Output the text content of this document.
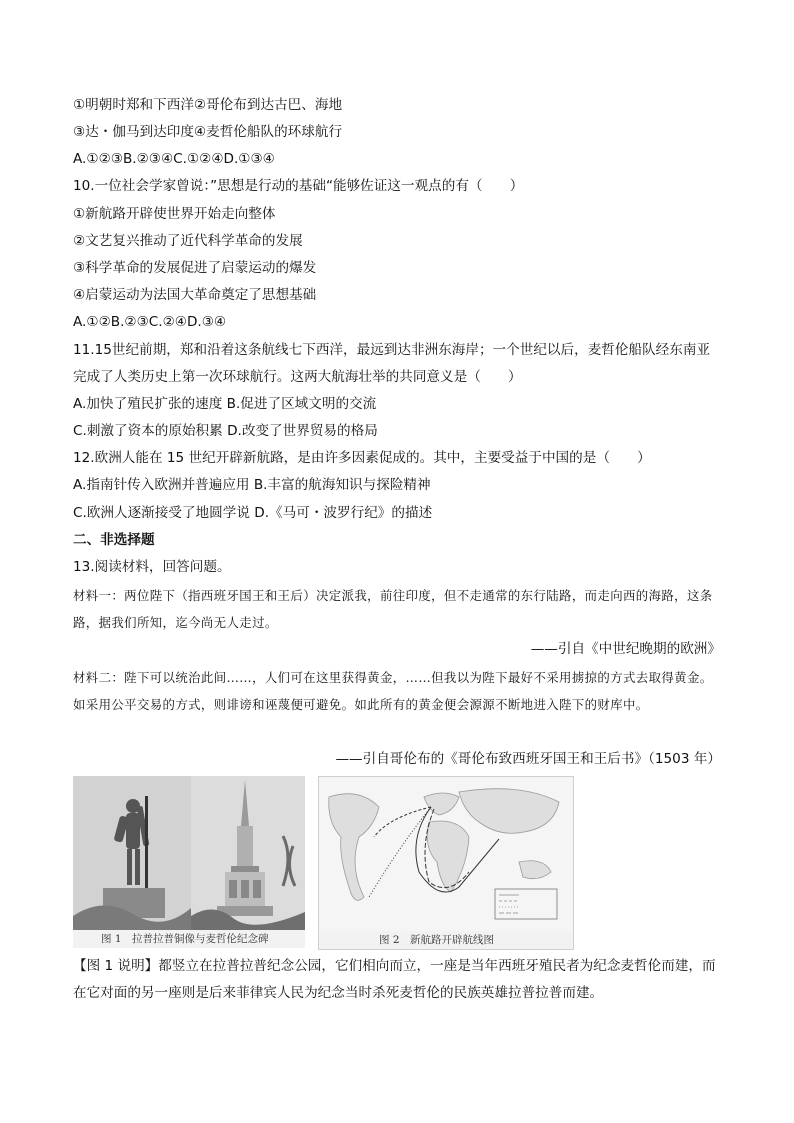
①明朝时郑和下西洋②哥伦布到达古巴、海地
③达・伽马到达印度④麦哲伦船队的环球航行
A.①②③B.②③④C.①②④D.①③④
10.一位社会学家曾说：”思想是行动的基础“能够佐证这一观点的有（　　）
①新航路开辟使世界开始走向整体
②文艺复兴推动了近代科学革命的发展
③科学革命的发展促进了启蒙运动的爆发
④启蒙运动为法国大革命奠定了思想基础
A.①②B.②③C.②④D.③④
11.15世纪前期，郑和沿着这条航线七下西洋，最远到达非洲东海岸；一个世纪以后，麦哲伦船队经东南亚
完成了人类历史上第一次环球航行。这两大航海壮举的共同意义是（　　）
A.加快了殖民扩张的速度 B.促进了区域文明的交流
C.刺激了资本的原始积累 D.改变了世界贸易的格局
12.欧洲人能在 15 世纪开辟新航路，是由许多因素促成的。其中，主要受益于中国的是（　　）
A.指南针传入欧洲并普遍应用 B.丰富的航海知识与探险精神
C.欧洲人逐渐接受了地圆学说 D.《马可・波罗行纪》的描述
二、非选择题
13.阅读材料，回答问题。
材料一：两位陛下（指西班牙国王和王后）决定派我，前往印度，但不走通常的东行陆路，而走向西的海路，这条路，据我们所知，迄今尚无人走过。
——引自《中世纪晚期的欧洲》
材料二：陛下可以统治此间……，人们可在这里获得黄金，……但我以为陛下最好不采用掳掠的方式去取得黄金。如采用公平交易的方式，则诽谤和诬蔑便可避免。如此所有的黄金便会源源不断地进入陛下的财库中。
——引自哥伦布的《哥伦布致西班牙国王和王后书》（1503 年）
图 1　拉普拉普铜像与麦哲伦纪念碑	图 2　新航路开辟航线图
【图 1 说明】都竖立在拉普拉普纪念公园，它们相向而立，一座是当年西班牙殖民者为纪念麦哲伦而建，而在它对面的另一座则是后来菲律宾人民为纪念当时杀死麦哲伦的民族英雄拉普拉普而建。
